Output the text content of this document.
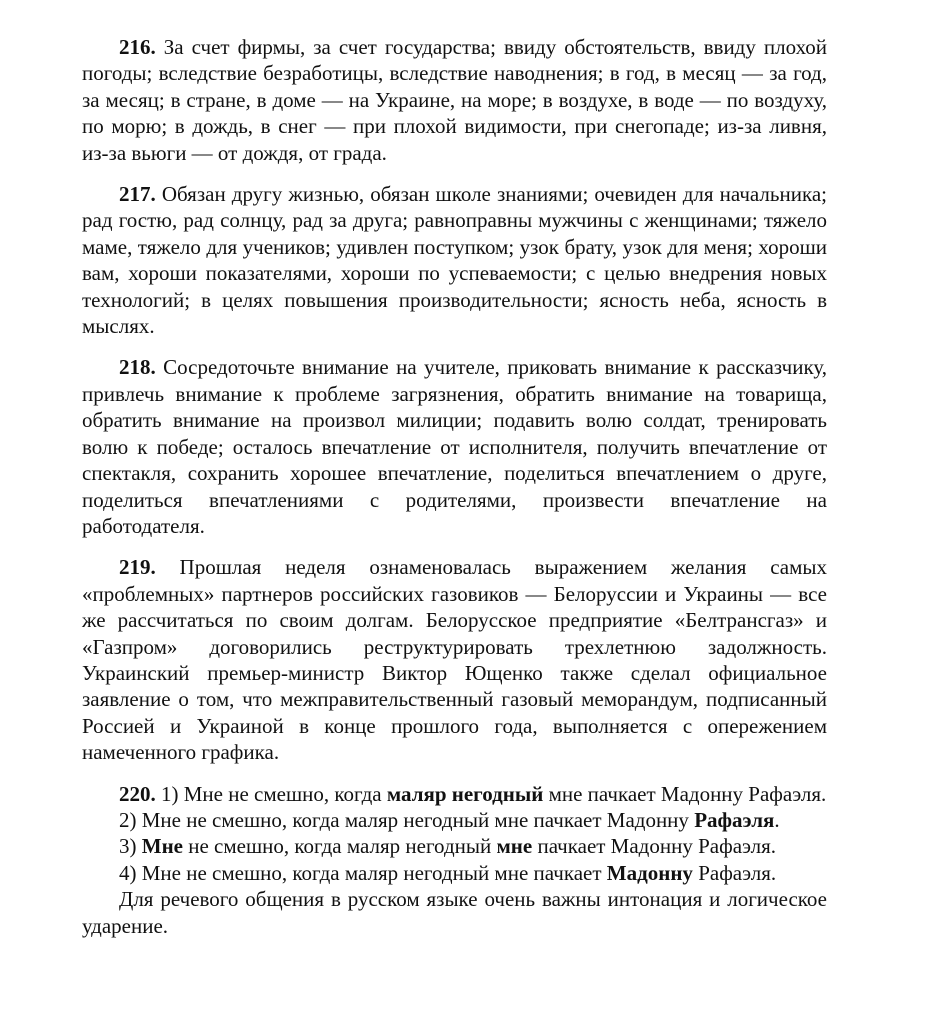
216. За счет фирмы, за счет государства; ввиду обстоятельств, ввиду плохой погоды; вследствие безработицы, вследствие наводнения; в год, в месяц — за год, за месяц; в стране, в доме — на Украине, на море; в воздухе, в воде — по воздуху, по морю; в дождь, в снег — при плохой видимости, при снегопаде; из-за ливня, из-за вьюги — от дождя, от града.

217. Обязан другу жизнью, обязан школе знаниями; очевиден для начальника; рад гостю, рад солнцу, рад за друга; равноправны мужчины с женщинами; тяжело маме, тяжело для учеников; удивлен поступком; узок брату, узок для меня; хороши вам, хороши показателями, хороши по успеваемости; с целью внедрения новых технологий; в целях повышения производительности; ясность неба, ясность в мыслях.

218. Сосредоточьте внимание на учителе, приковать внимание к рассказчику, привлечь внимание к проблеме загрязнения, обратить внимание на товарища, обратить внимание на произвол милиции; подавить волю солдат, тренировать волю к победе; осталось впечатление от исполнителя, получить впечатление от спектакля, сохранить хорошее впечатление, поделиться впечатлением о друге, поделиться впечатлениями с родителями, произвести впечатление на работодателя.

219. Прошлая неделя ознаменовалась выражением желания самых «проблемных» партнеров российских газовиков — Белоруссии и Украины — все же рассчитаться по своим долгам. Белорусское предприятие «Белтрансгаз» и «Газпром» договорились реструктурировать трехлетнюю задолжность. Украинский премьер-министр Виктор Ющенко также сделал официальное заявление о том, что межправительственный газовый меморандум, подписанный Россией и Украиной в конце прошлого года, выполняется с опережением намеченного графика.

220. 1) Мне не смешно, когда маляр негодный мне пачкает Мадонну Рафаэля.

2) Мне не смешно, когда маляр негодный мне пачкает Мадонну Рафаэля.

3) Мне не смешно, когда маляр негодный мне пачкает Мадонну Рафаэля.

4) Мне не смешно, когда маляр негодный мне пачкает Мадонну Рафаэля.

Для речевого общения в русском языке очень важны интонация и логическое ударение.
